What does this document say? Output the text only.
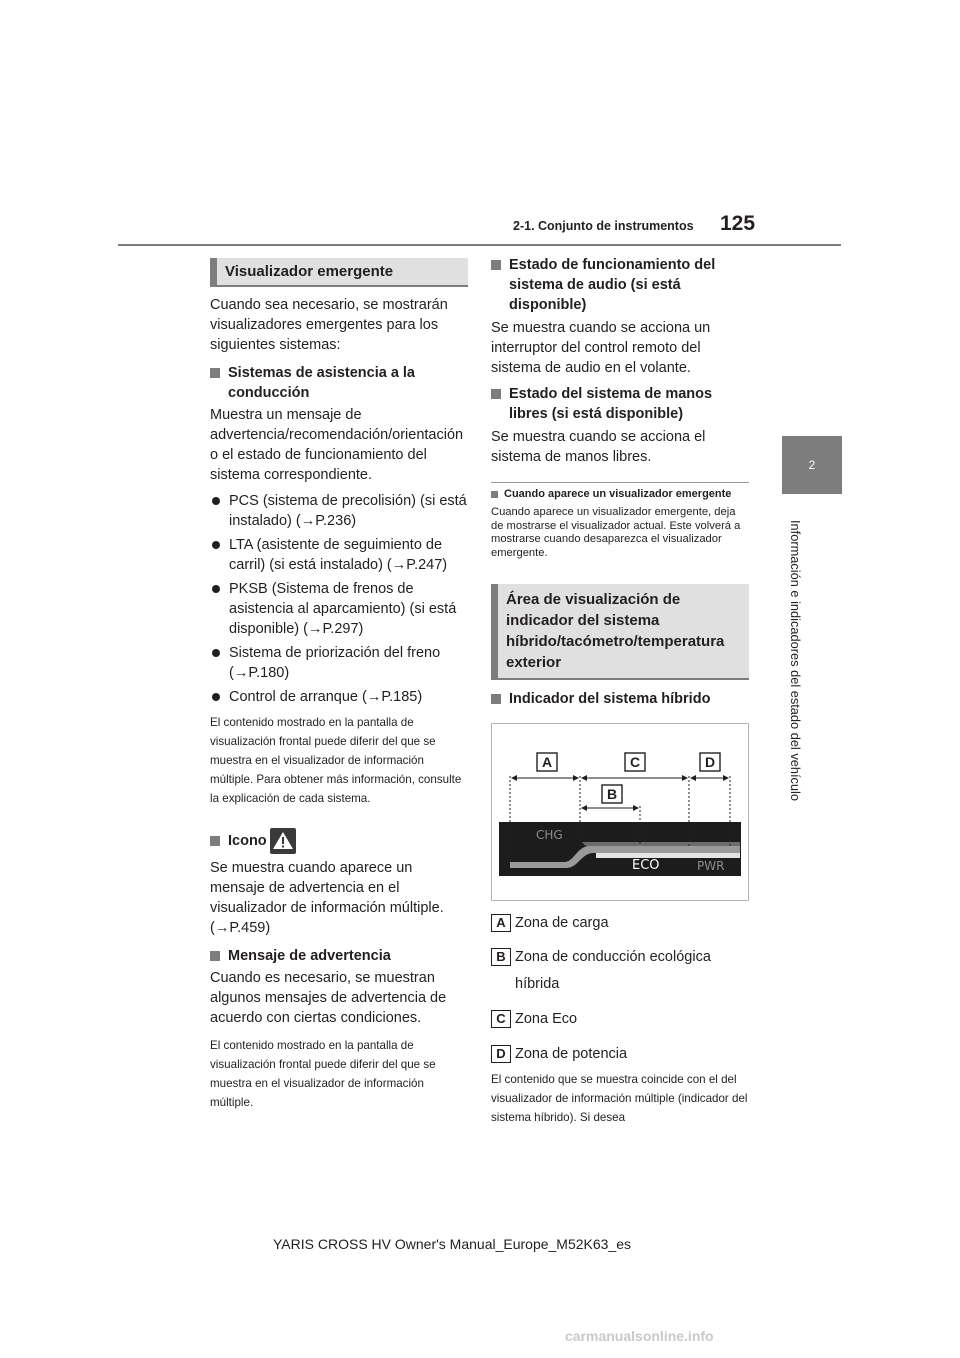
2-1. Conjunto de instrumentos 125
2
Información e indicadores del estado del vehículo
Visualizador emergente

Cuando sea necesario, se mostrarán visualizadores emergentes para los siguientes sistemas:

Sistemas de asistencia a la conducción

Muestra un mensaje de advertencia/recomendación/orientación o el estado de funcionamiento del sistema correspondiente.

PCS (sistema de precolisión) (si está instalado) (→P.236)
LTA (asistente de seguimiento de carril) (si está instalado) (→P.247)
PKSB (Sistema de frenos de asistencia al aparcamiento) (si está disponible) (→P.297)
Sistema de priorización del freno (→P.180)
Control de arranque (→P.185)

El contenido mostrado en la pantalla de visualización frontal puede diferir del que se muestra en el visualizador de información múltiple. Para obtener más información, consulte la explicación de cada sistema.

Icono

Se muestra cuando aparece un mensaje de advertencia en el visualizador de información múltiple. (→P.459)

Mensaje de advertencia

Cuando es necesario, se muestran algunos mensajes de advertencia de acuerdo con ciertas condiciones.

El contenido mostrado en la pantalla de visualización frontal puede diferir del que se muestra en el visualizador de información múltiple.

Estado de funcionamiento del sistema de audio (si está disponible)

Se muestra cuando se acciona un interruptor del control remoto del sistema de audio en el volante.

Estado del sistema de manos libres (si está disponible)

Se muestra cuando se acciona el sistema de manos libres.

Cuando aparece un visualizador emergente

Cuando aparece un visualizador emergente, deja de mostrarse el visualizador actual. Este volverá a mostrarse cuando desaparezca el visualizador emergente.

Área de visualización de indicador del sistema híbrido/tacómetro/temperatura exterior
Indicador del sistema híbrido
A	C	D
B
CHG
ECO	PWR
A Zona de carga
B Zona de conducción ecológica híbrida
C Zona Eco
D Zona de potencia

El contenido que se muestra coincide con el del visualizador de información múltiple (indicador del sistema híbrido). Si desea

YARIS CROSS HV Owner's Manual_Europe_M52K63_es
carmanualsonline.info
